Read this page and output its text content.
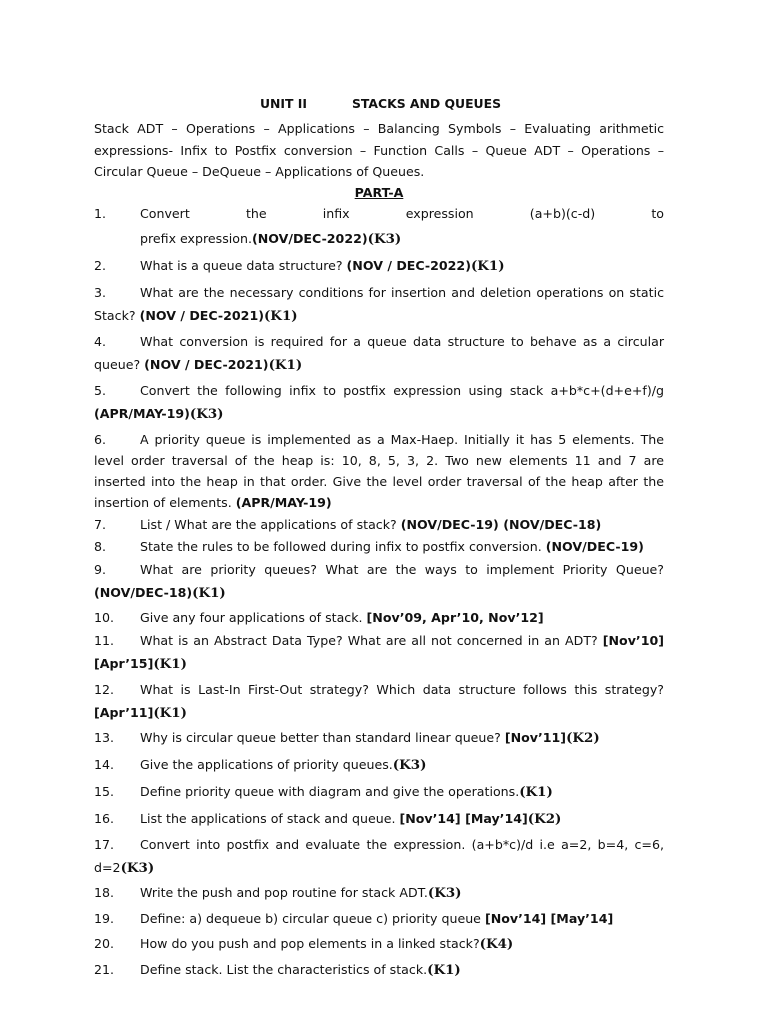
UNIT II	STACKS AND QUEUES

Stack ADT – Operations – Applications – Balancing Symbols – Evaluating arithmetic expressions- Infix to Postfix conversion – Function Calls – Queue ADT – Operations – Circular Queue – DeQueue – Applications of Queues.

PART-A
1.	Convert	the	infix	expression	(a+b)(c-d)	to
prefix expression.(NOV/DEC-2022)(K3)
2.	What is a queue data structure? (NOV / DEC-2022)(K1)
3.	What are the necessary conditions for insertion and deletion operations on static Stack? (NOV / DEC-2021)(K1)
4.	What conversion is required for a queue data structure to behave as a circular queue? (NOV / DEC-2021)(K1)
5.	Convert the following infix to postfix expression using stack a+b*c+(d+e+f)/g (APR/MAY-19)(K3)
6.	A priority queue is implemented as a Max-Haep. Initially it has 5 elements. The level order traversal of the heap is: 10, 8, 5, 3, 2. Two new elements 11 and 7 are inserted into the heap in that order. Give the level order traversal of the heap after the insertion of elements. (APR/MAY-19)
7.	List / What are the applications of stack? (NOV/DEC-19) (NOV/DEC-18)
8.	State the rules to be followed during infix to postfix conversion. (NOV/DEC-19)
9.	What are priority queues? What are the ways to implement Priority Queue? (NOV/DEC-18)(K1)
10. Give any four applications of stack. [Nov’09, Apr’10, Nov’12]
11. What is an Abstract Data Type? What are all not concerned in an ADT? [Nov’10] [Apr’15](K1)
12. What is Last-In First-Out strategy? Which data structure follows this strategy? [Apr’11](K1)
13. Why is circular queue better than standard linear queue? [Nov’11](K2)
14. Give the applications of priority queues.(K3)
15. Define priority queue with diagram and give the operations.(K1)
16. List the applications of stack and queue. [Nov’14] [May’14](K2)
17. Convert into postfix and evaluate the expression. (a+b*c)/d i.e a=2, b=4, c=6, d=2(K3)
18. Write the push and pop routine for stack ADT.(K3)
19. Define: a) dequeue b) circular queue c) priority queue [Nov’14] [May’14]
20. How do you push and pop elements in a linked stack?(K4)
21. Define stack. List the characteristics of stack.(K1)
